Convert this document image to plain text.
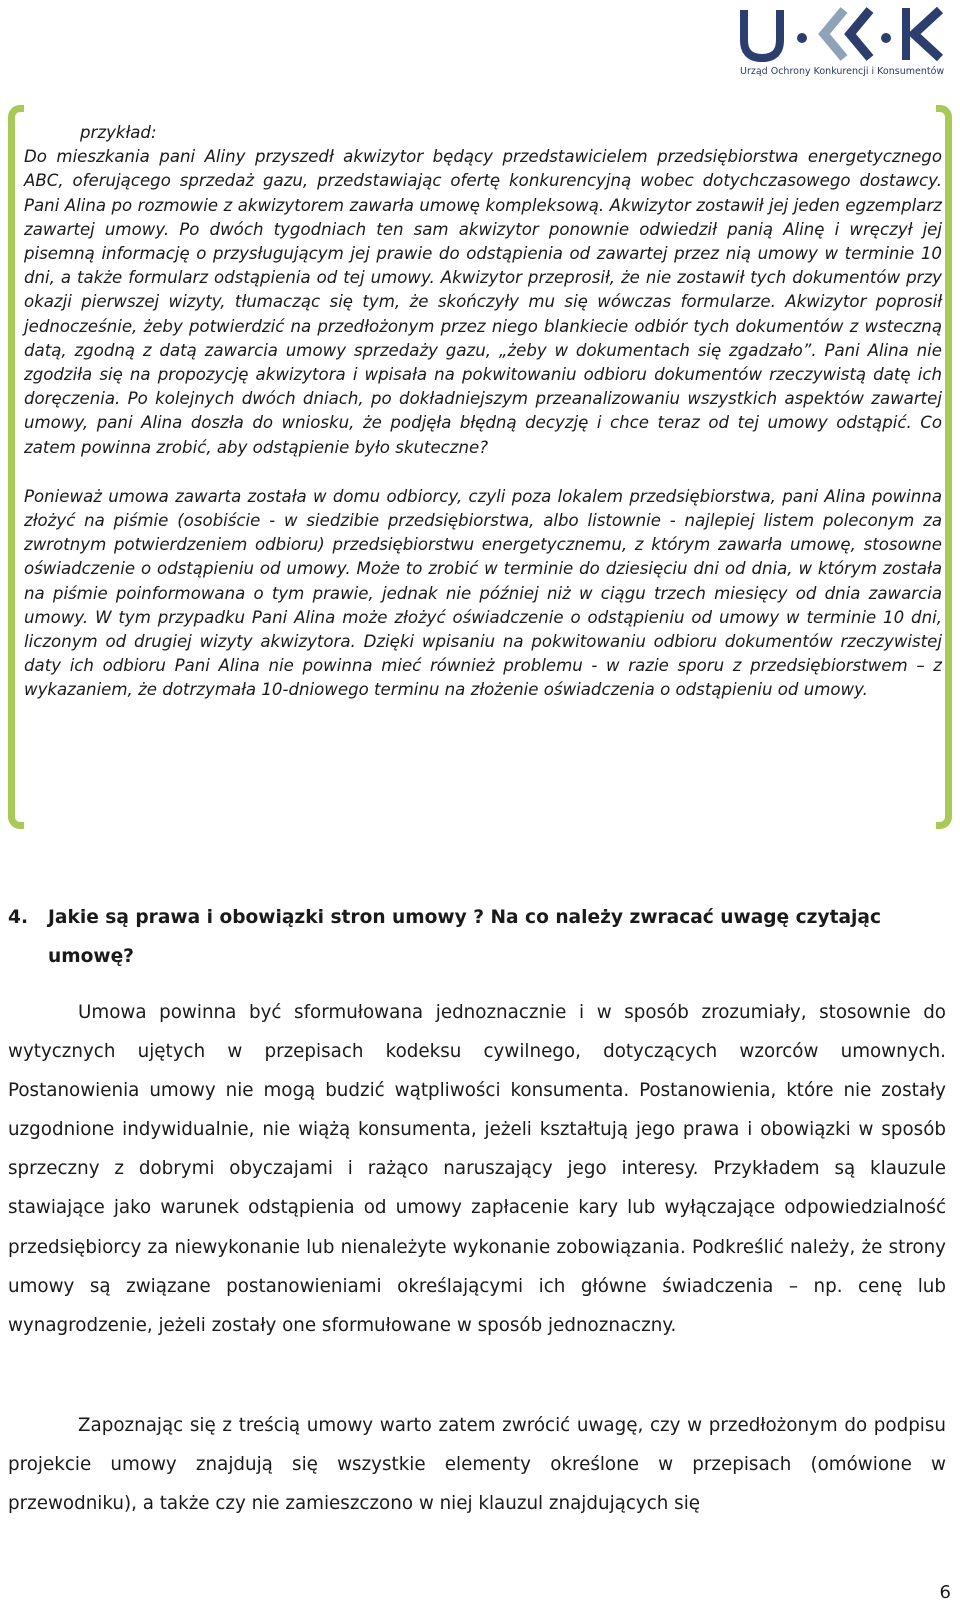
Urząd Ochrony Konkurencji i Konsumentów
przykład:

Do mieszkania pani Aliny przyszedł akwizytor będący przedstawicielem przedsiębiorstwa energetycznego ABC, oferującego sprzedaż gazu, przedstawiając ofertę konkurencyjną wobec dotychczasowego dostawcy. Pani Alina po rozmowie z akwizytorem zawarła umowę kompleksową. Akwizytor zostawił jej jeden egzemplarz zawartej umowy. Po dwóch tygodniach ten sam akwizytor ponownie odwiedził panią Alinę i wręczył jej pisemną informację o przysługującym jej prawie do odstąpienia od zawartej przez nią umowy w terminie 10 dni, a także formularz odstąpienia od tej umowy. Akwizytor przeprosił, że nie zostawił tych dokumentów przy okazji pierwszej wizyty, tłumacząc się tym, że skończyły mu się wówczas formularze. Akwizytor poprosił jednocześnie, żeby potwierdzić na przedłożonym przez niego blankiecie odbiór tych dokumentów z wsteczną datą, zgodną z datą zawarcia umowy sprzedaży gazu, „żeby w dokumentach się zgadzało”. Pani Alina nie zgodziła się na propozycję akwizytora i wpisała na pokwitowaniu odbioru dokumentów rzeczywistą datę ich doręczenia. Po kolejnych dwóch dniach, po dokładniejszym przeanalizowaniu wszystkich aspektów zawartej umowy, pani Alina doszła do wniosku, że podjęła błędną decyzję i chce teraz od tej umowy odstąpić. Co zatem powinna zrobić, aby odstąpienie było skuteczne?

Ponieważ umowa zawarta została w domu odbiorcy, czyli poza lokalem przedsiębiorstwa, pani Alina powinna złożyć na piśmie (osobiście - w siedzibie przedsiębiorstwa, albo listownie - najlepiej listem poleconym za zwrotnym potwierdzeniem odbioru) przedsiębiorstwu energetycznemu, z którym zawarła umowę, stosowne oświadczenie o odstąpieniu od umowy. Może to zrobić w terminie do dziesięciu dni od dnia, w którym została na piśmie poinformowana o tym prawie, jednak nie później niż w ciągu trzech miesięcy od dnia zawarcia umowy. W tym przypadku Pani Alina może złożyć oświadczenie o odstąpieniu od umowy w terminie 10 dni, liczonym od drugiej wizyty akwizytora. Dzięki wpisaniu na pokwitowaniu odbioru dokumentów rzeczywistej daty ich odbioru Pani Alina nie powinna mieć również problemu - w razie sporu z przedsiębiorstwem – z wykazaniem, że dotrzymała 10-dniowego terminu na złożenie oświadczenia o odstąpieniu od umowy.

4. Jakie są prawa i obowiązki stron umowy ? Na co należy zwracać uwagę czytając
umowę?

Umowa powinna być sformułowana jednoznacznie i w sposób zrozumiały, stosownie do wytycznych ujętych w przepisach kodeksu cywilnego, dotyczących wzorców umownych. Postanowienia umowy nie mogą budzić wątpliwości konsumenta. Postanowienia, które nie zostały uzgodnione indywidualnie, nie wiążą konsumenta, jeżeli kształtują jego prawa i obowiązki w sposób sprzeczny z dobrymi obyczajami i rażąco naruszający jego interesy. Przykładem są klauzule stawiające jako warunek odstąpienia od umowy zapłacenie kary lub wyłączające odpowiedzialność przedsiębiorcy za niewykonanie lub nienależyte wykonanie zobowiązania. Podkreślić należy, że strony umowy są związane postanowieniami określającymi ich główne świadczenia – np. cenę lub wynagrodzenie, jeżeli zostały one sformułowane w sposób jednoznaczny.

Zapoznając się z treścią umowy warto zatem zwrócić uwagę, czy w przedłożonym do podpisu projekcie umowy znajdują się wszystkie elementy określone w przepisach (omówione w przewodniku), a także czy nie zamieszczono w niej klauzul znajdujących się

6
